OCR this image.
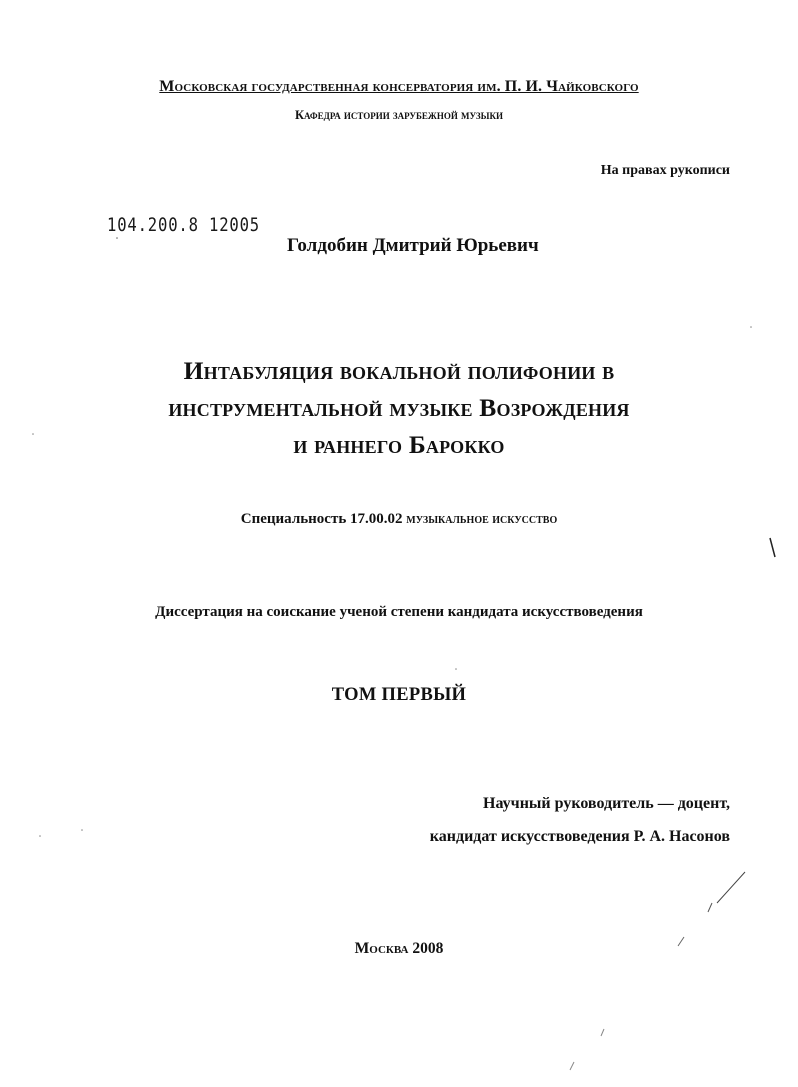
Московская государственная консерватория им. П. И. Чайковского
Кафедра истории зарубежной музыки
На правах рукописи
104.200.8 12005
Голдобин Дмитрий Юрьевич
Интабуляция вокальной полифонии в
инструментальной музыке Возрождения
и раннего Барокко
Специальность 17.00.02 музыкальное искусство
Диссертация на соискание ученой степени кандидата искусствоведения
ТОМ ПЕРВЫЙ
Научный руководитель — доцент,
кандидат искусствоведения Р. А. Насонов
Москва 2008
